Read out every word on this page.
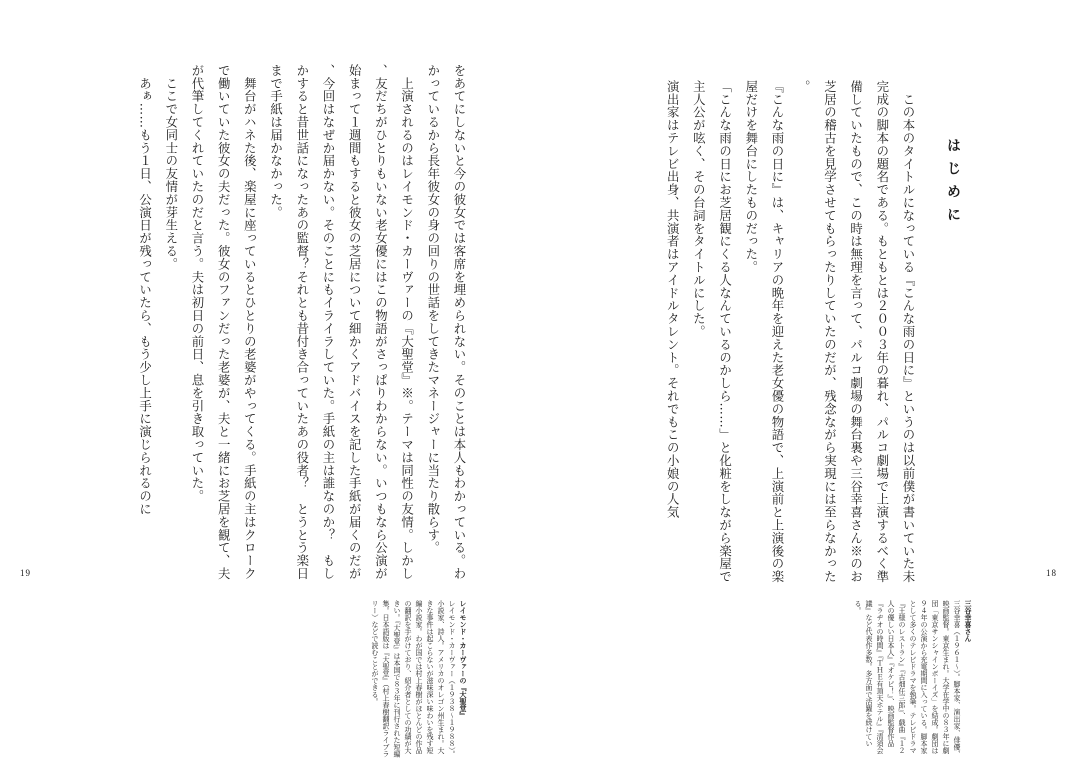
をあてにしないと今の彼女では客席を埋められない。そのことは本人もわかっている。わかっているから長年彼女の身の回りの世話をしてきたマネージャーに当たり散らす。
　上演されるのはレイモンド・カーヴァーの『大聖堂』※。テーマは同性の友情。しかし、友だちがひとりもいない老女優にはこの物語がさっぱりわからない。いつもなら公演が始まって１週間もすると彼女の芝居について細かくアドバイスを記した手紙が届くのだが、今回はなぜか届かない。そのことにもイライラしていた。手紙の主は誰なのか？　もしかすると昔世話になったあの監督？それとも昔付き合っていたあの役者？　とうとう楽日まで手紙は届かなかった。
　舞台がハネた後、楽屋に座っているとひとりの老婆がやってくる。手紙の主はクロークで働いていた彼女の夫だった。彼女のファンだった老婆が、夫と一緒にお芝居を観て、夫が代筆してくれていたのだと言う。夫は初日の前日、息を引き取っていた。
　ここで女同士の友情が芽生える。
　あぁ……もう１日、公演日が残っていたら、もう少し上手に演じられるのに
レイモンド・カーヴァーの『大聖堂』
レイモンド・カーヴァー（１９３８〜１９８８）。小説家、詩人。アメリカのオレゴン州生まれ。大きな事件は起こらないが滋味深い味わいを残す短編小説家。わが国では村上春樹がほとんどの作品の翻訳を手がけており、紹介者としての功績が大きい。『大聖堂』は本国で８３年に刊行された短編集。日本語版は『大聖堂』（村上春樹翻訳ライブラリー）などで読むことができる。
19
はじめに
　この本のタイトルになっている『こんな雨の日に』というのは以前僕が書いていた未完成の脚本の題名である。もともとは２００３年の暮れ、パルコ劇場で上演するべく準備していたもので、この時は無理を言って、パルコ劇場の舞台裏や三谷幸喜さん※のお芝居の稽古を見学させてもらったりしていたのだが、残念ながら実現には至らなかった。
『こんな雨の日に』は、キャリアの晩年を迎えた老女優の物語で、上演前と上演後の楽屋だけを舞台にしたものだった。
「こんな雨の日にお芝居観にくる人なんているのかしら……」と化粧をしながら楽屋で主人公が呟く、その台詞をタイトルにした。
演出家はテレビ出身、共演者はアイドルタレント。それでもこの小娘の人気
三谷幸喜さん
三谷幸喜（１９６１〜）。脚本家、演出家、俳優、映画監督。東京生まれ。大学在学中の８３年に劇団「東京サンシャインボーイズ」を結成。劇団は９４年の公演から充電期間に入っている。脚本家として多くのテレビドラマを執筆。テレビドラマ『王様のレストラン』『古畑任三郎』、戯曲『１２人の優しい日本人』『オケピ！』、映画監督作品『ラヂオの時間』『ＴＨＥ有頂天ホテル』『清須会議』など代表作多数。多方面で活躍を続けている。
18
